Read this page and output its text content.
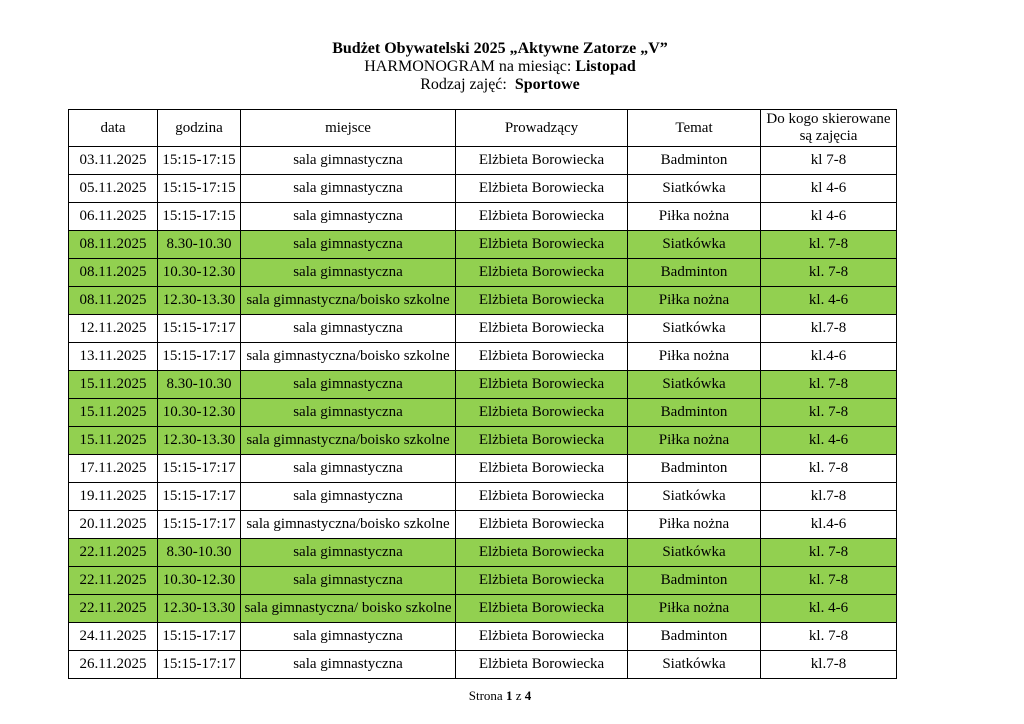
Budżet Obywatelski 2025 „Aktywne Zatorze „V”
HARMONOGRAM na miesiąc: Listopad
Rodzaj zajęć:  Sportowe
data	godzina	miejsce	Prowadzący	Temat	Do kogo skierowane są zajęcia
03.11.2025	15:15-17:15	sala gimnastyczna	Elżbieta Borowiecka	Badminton	kl 7-8
05.11.2025	15:15-17:15	sala gimnastyczna	Elżbieta Borowiecka	Siatkówka	kl 4-6
06.11.2025	15:15-17:15	sala gimnastyczna	Elżbieta Borowiecka	Piłka nożna	kl 4-6
08.11.2025	8.30-10.30	sala gimnastyczna	Elżbieta Borowiecka	Siatkówka	kl. 7-8
08.11.2025	10.30-12.30	sala gimnastyczna	Elżbieta Borowiecka	Badminton	kl. 7-8
08.11.2025	12.30-13.30	sala gimnastyczna/boisko szkolne	Elżbieta Borowiecka	Piłka nożna	kl. 4-6
12.11.2025	15:15-17:17	sala gimnastyczna	Elżbieta Borowiecka	Siatkówka	kl.7-8
13.11.2025	15:15-17:17	sala gimnastyczna/boisko szkolne	Elżbieta Borowiecka	Piłka nożna	kl.4-6
15.11.2025	8.30-10.30	sala gimnastyczna	Elżbieta Borowiecka	Siatkówka	kl. 7-8
15.11.2025	10.30-12.30	sala gimnastyczna	Elżbieta Borowiecka	Badminton	kl. 7-8
15.11.2025	12.30-13.30	sala gimnastyczna/boisko szkolne	Elżbieta Borowiecka	Piłka nożna	kl. 4-6
17.11.2025	15:15-17:17	sala gimnastyczna	Elżbieta Borowiecka	Badminton	kl. 7-8
19.11.2025	15:15-17:17	sala gimnastyczna	Elżbieta Borowiecka	Siatkówka	kl.7-8
20.11.2025	15:15-17:17	sala gimnastyczna/boisko szkolne	Elżbieta Borowiecka	Piłka nożna	kl.4-6
22.11.2025	8.30-10.30	sala gimnastyczna	Elżbieta Borowiecka	Siatkówka	kl. 7-8
22.11.2025	10.30-12.30	sala gimnastyczna	Elżbieta Borowiecka	Badminton	kl. 7-8
22.11.2025	12.30-13.30	sala gimnastyczna/ boisko szkolne	Elżbieta Borowiecka	Piłka nożna	kl. 4-6
24.11.2025	15:15-17:17	sala gimnastyczna	Elżbieta Borowiecka	Badminton	kl. 7-8
26.11.2025	15:15-17:17	sala gimnastyczna	Elżbieta Borowiecka	Siatkówka	kl.7-8
Strona 1 z 4
